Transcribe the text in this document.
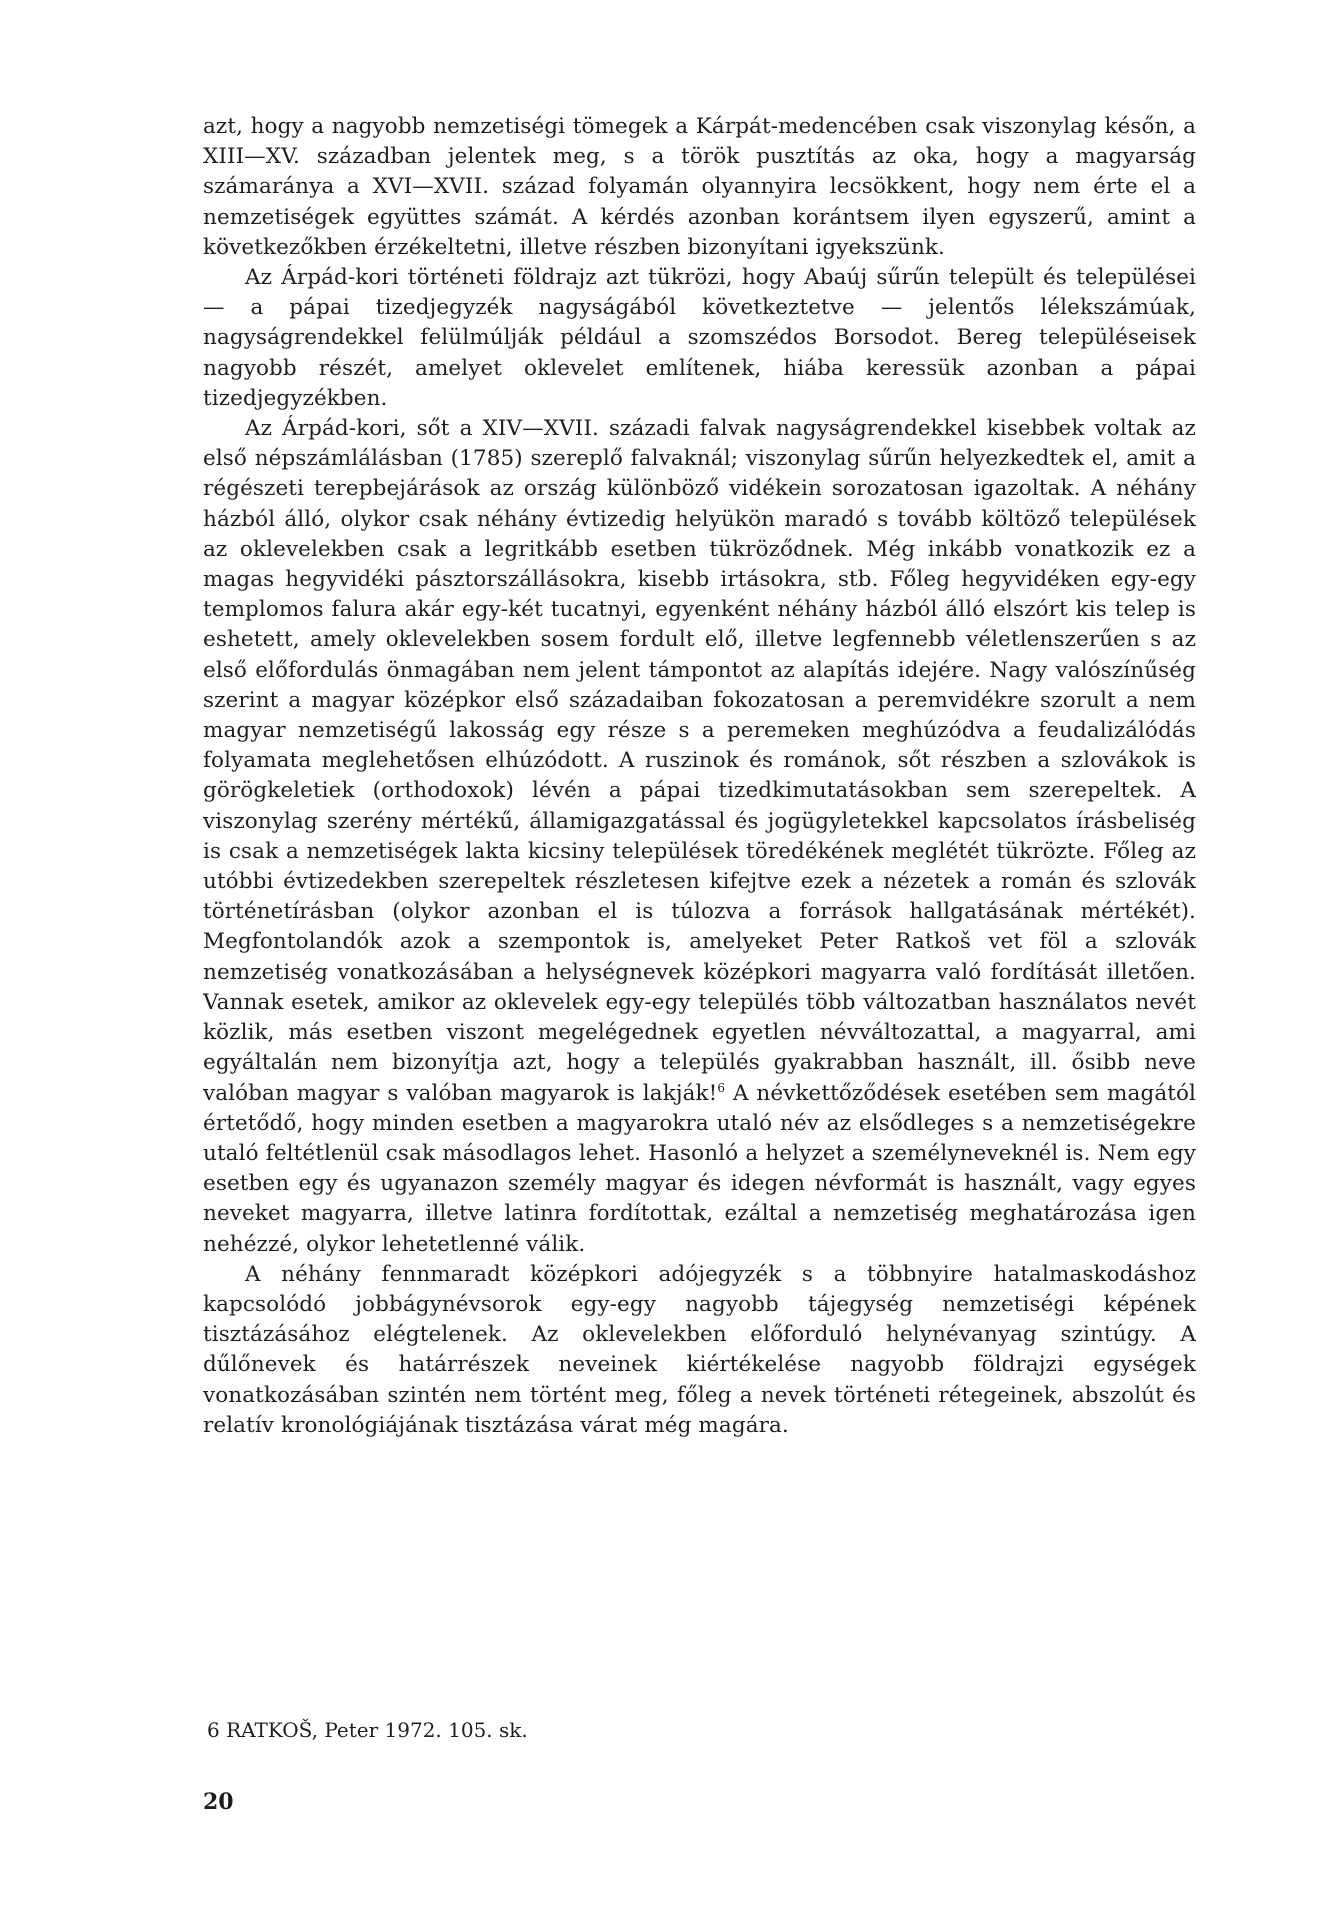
azt, hogy a nagyobb nemzetiségi tömegek a Kárpát-medencében csak viszonylag későn, a XIII—XV. században jelentek meg, s a török pusztítás az oka, hogy a magyarság számaránya a XVI—XVII. század folyamán olyannyira lecsökkent, hogy nem érte el a nemzetiségek együttes számát. A kérdés azonban korántsem ilyen egyszerű, amint a következőkben érzékeltetni, illetve részben bizonyítani igyekszünk.

Az Árpád-kori történeti földrajz azt tükrözi, hogy Abaúj sűrűn települt és települései — a pápai tizedjegyzék nagyságából következtetve — jelentős lélekszámúak, nagyságrendekkel felülmúlják például a szomszédos Borsodot. Bereg településeisek nagyobb részét, amelyet oklevelet említenek, hiába keressük azonban a pápai tizedjegyzékben.

Az Árpád-kori, sőt a XIV—XVII. századi falvak nagyságrendekkel kisebbek voltak az első népszámlálásban (1785) szereplő falvaknál; viszonylag sűrűn helyezkedtek el, amit a régészeti terepbejárások az ország különböző vidékein sorozatosan igazoltak. A néhány házból álló, olykor csak néhány évtizedig helyükön maradó s tovább költöző települések az oklevelekben csak a legritkább esetben tükröződnek. Még inkább vonatkozik ez a magas hegyvidéki pásztorszállásokra, kisebb irtásokra, stb. Főleg hegyvidéken egy-egy templomos falura akár egy-két tucatnyi, egyenként néhány házból álló elszórt kis telep is eshetett, amely oklevelekben sosem fordult elő, illetve legfennebb véletlenszerűen s az első előfordulás önmagában nem jelent támpontot az alapítás idejére. Nagy valószínűség szerint a magyar középkor első századaiban fokozatosan a peremvidékre szorult a nem magyar nemzetiségű lakosság egy része s a peremeken meghúzódva a feudalizálódás folyamata meglehetősen elhúzódott. A ruszinok és románok, sőt részben a szlovákok is görögkeletiek (orthodoxok) lévén a pápai tizedkimutatásokban sem szerepeltek. A viszonylag szerény mértékű, államigazgatással és jogügyletekkel kapcsolatos írásbeliség is csak a nemzetiségek lakta kicsiny települések töredékének meglétét tükrözte. Főleg az utóbbi évtizedekben szerepeltek részletesen kifejtve ezek a nézetek a román és szlovák történetírásban (olykor azonban el is túlozva a források hallgatásának mértékét). Megfontolandók azok a szempontok is, amelyeket Peter Ratkoš vet föl a szlovák nemzetiség vonatkozásában a helységnevek középkori magyarra való fordítását illetően. Vannak esetek, amikor az oklevelek egy-egy település több változatban használatos nevét közlik, más esetben viszont megelégednek egyetlen névváltozattal, a magyarral, ami egyáltalán nem bizonyítja azt, hogy a település gyakrabban használt, ill. ősibb neve valóban magyar s valóban magyarok is lakják!$^6$ A névkettőződések esetében sem magától értetődő, hogy minden esetben a magyarokra utaló név az elsődleges s a nemzetiségekre utaló feltétlenül csak másodlagos lehet. Hasonló a helyzet a személyneveknél is. Nem egy esetben egy és ugyanazon személy magyar és idegen névformát is használt, vagy egyes neveket magyarra, illetve latinra fordítottak, ezáltal a nemzetiség meghatározása igen nehézzé, olykor lehetetlenné válik.

A néhány fennmaradt középkori adójegyzék s a többnyire hatalmaskodáshoz kapcsolódó jobbágynévsorok egy-egy nagyobb tájegység nemzetiségi képének tisztázásához elégtelenek. Az oklevelekben előforduló helynévanyag szintúgy. A dűlőnevek és határrészek neveinek kiértékelése nagyobb földrajzi egységek vonatkozásában szintén nem történt meg, főleg a nevek történeti rétegeinek, abszolút és relatív kronológiájának tisztázása várat még magára.

6 RATKOŠ, Peter 1972. 105. sk.
20
